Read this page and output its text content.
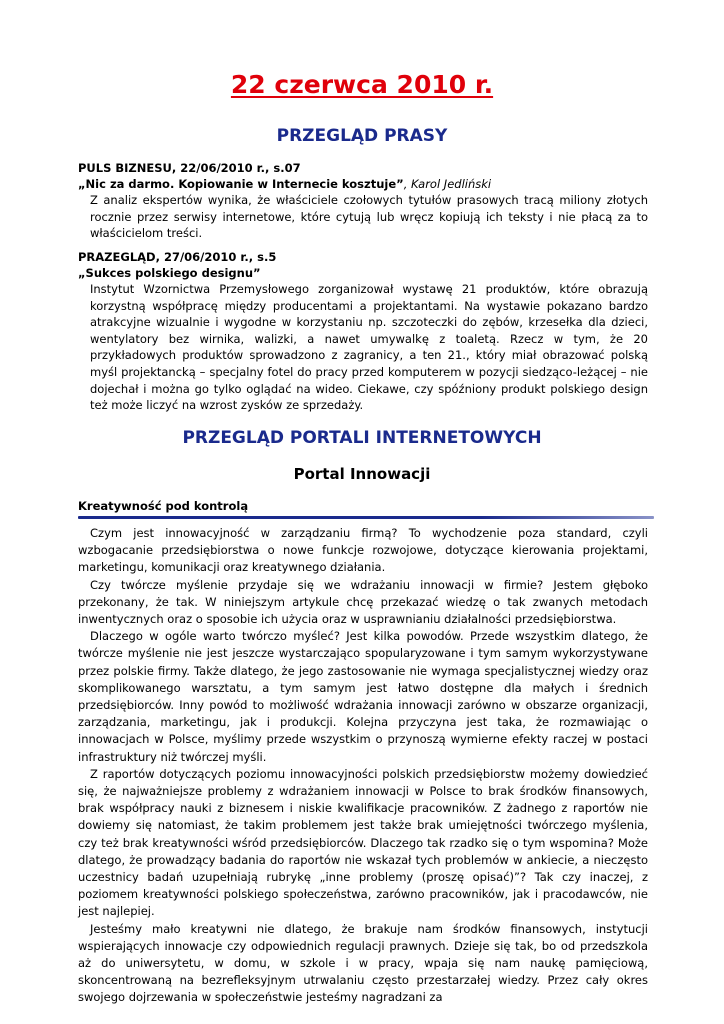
22 czerwca 2010 r.
PRZEGLĄD PRASY
PULS BIZNESU, 22/06/2010 r., s.07
„Nic za darmo. Kopiowanie w Internecie kosztuje”, Karol Jedliński
Z analiz ekspertów wynika, że właściciele czołowych tytułów prasowych tracą miliony złotych rocznie przez serwisy internetowe, które cytują lub wręcz kopiują ich teksty i nie płacą za to właścicielom treści.
PRAZEGLĄD, 27/06/2010 r., s.5
„Sukces polskiego designu”
Instytut Wzornictwa Przemysłowego zorganizował wystawę 21 produktów, które obrazują korzystną współpracę między producentami a projektantami. Na wystawie pokazano bardzo atrakcyjne wizualnie i wygodne w korzystaniu np. szczoteczki do zębów, krzesełka dla dzieci, wentylatory bez wirnika, walizki, a nawet umywalkę z toaletą. Rzecz w tym, że 20 przykładowych produktów sprowadzono z zagranicy, a ten 21., który miał obrazować polską myśl projektancką – specjalny fotel do pracy przed komputerem w pozycji siedząco-leżącej – nie dojechał i można go tylko oglądać na wideo. Ciekawe, czy spóźniony produkt polskiego design też może liczyć na wzrost zysków ze sprzedaży.
PRZEGLĄD PORTALI INTERNETOWYCH
Portal Innowacji
Kreatywność pod kontrolą

Czym jest innowacyjność w zarządzaniu firmą? To wychodzenie poza standard, czyli wzbogacanie przedsiębiorstwa o nowe funkcje rozwojowe, dotyczące kierowania projektami, marketingu, komunikacji oraz kreatywnego działania.

Czy twórcze myślenie przydaje się we wdrażaniu innowacji w firmie? Jestem głęboko przekonany, że tak. W niniejszym artykule chcę przekazać wiedzę o tak zwanych metodach inwentycznych oraz o sposobie ich użycia oraz w usprawnianiu działalności przedsiębiorstwa.

Dlaczego w ogóle warto twórczo myśleć? Jest kilka powodów. Przede wszystkim dlatego, że twórcze myślenie nie jest jeszcze wystarczająco spopularyzowane i tym samym wykorzystywane przez polskie firmy. Także dlatego, że jego zastosowanie nie wymaga specjalistycznej wiedzy oraz skomplikowanego warsztatu, a tym samym jest łatwo dostępne dla małych i średnich przedsiębiorców. Inny powód to możliwość wdrażania innowacji zarówno w obszarze organizacji, zarządzania, marketingu, jak i produkcji. Kolejna przyczyna jest taka, że rozmawiając o innowacjach w Polsce, myślimy przede wszystkim o przynoszą wymierne efekty raczej w postaci infrastruktury niż twórczej myśli.

Z raportów dotyczących poziomu innowacyjności polskich przedsiębiorstw możemy dowiedzieć się, że najważniejsze problemy z wdrażaniem innowacji w Polsce to brak środków finansowych, brak współpracy nauki z biznesem i niskie kwalifikacje pracowników. Z żadnego z raportów nie dowiemy się natomiast, że takim problemem jest także brak umiejętności twórczego myślenia, czy też brak kreatywności wśród przedsiębiorców. Dlaczego tak rzadko się o tym wspomina? Może dlatego, że prowadzący badania do raportów nie wskazał tych problemów w ankiecie, a nieczęsto uczestnicy badań uzupełniają rubrykę „inne problemy (proszę opisać)”? Tak czy inaczej, z poziomem kreatywności polskiego społeczeństwa, zarówno pracowników, jak i pracodawców, nie jest najlepiej.

Jesteśmy mało kreatywni nie dlatego, że brakuje nam środków finansowych, instytucji wspierających innowacje czy odpowiednich regulacji prawnych. Dzieje się tak, bo od przedszkola aż do uniwersytetu, w domu, w szkole i w pracy, wpaja się nam naukę pamięciową, skoncentrowaną na bezrefleksyjnym utrwalaniu często przestarzałej wiedzy. Przez cały okres swojego dojrzewania w społeczeństwie jesteśmy nagradzani za
